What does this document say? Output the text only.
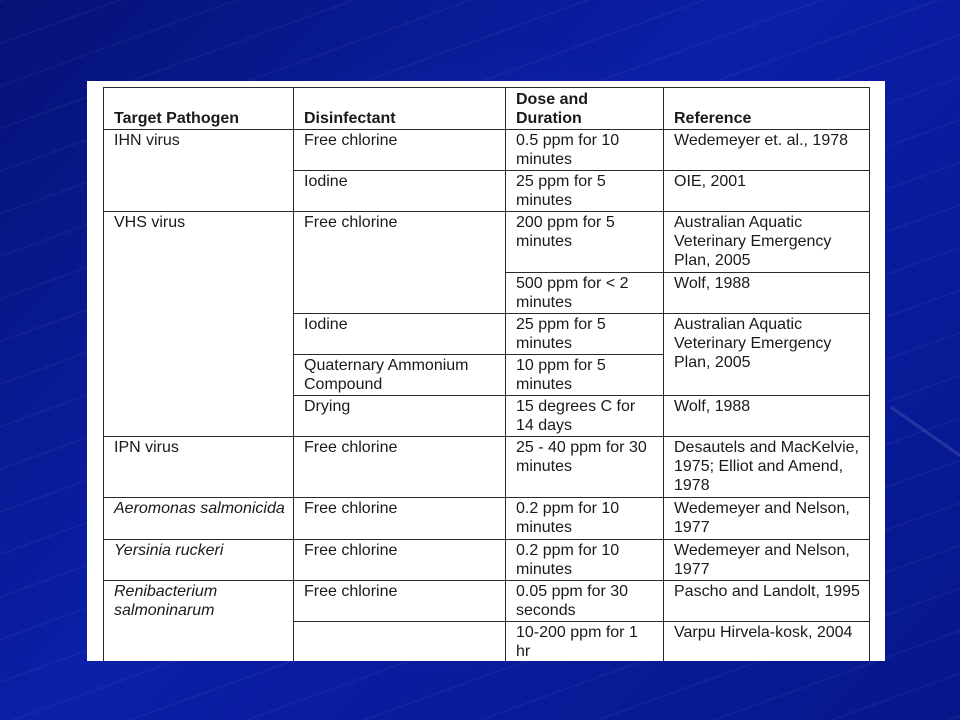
Target Pathogen	Disinfectant	Dose and Duration	Reference
IHN virus	Free chlorine	0.5 ppm for 10 minutes	Wedemeyer et. al., 1978
	Iodine	25 ppm for 5 minutes	OIE, 2001
VHS virus	Free chlorine	200 ppm for 5 minutes	Australian Aquatic Veterinary Emergency Plan, 2005
		500 ppm for < 2 minutes	Wolf, 1988
	Iodine	25 ppm for 5 minutes	Australian Aquatic Veterinary Emergency Plan, 2005
	Quaternary Ammonium Compound	10 ppm for 5 minutes	
	Drying	15 degrees C for 14 days	Wolf, 1988
IPN virus	Free chlorine	25 - 40 ppm for 30 minutes	Desautels and MacKelvie, 1975; Elliot and Amend, 1978
Aeromonas salmonicida	Free chlorine	0.2 ppm for 10 minutes	Wedemeyer and Nelson, 1977
Yersinia ruckeri	Free chlorine	0.2 ppm for 10 minutes	Wedemeyer and Nelson, 1977
Renibacterium salmoninarum	Free chlorine	0.05 ppm for 30 seconds	Pascho and Landolt, 1995
		10-200 ppm for 1 hr	Varpu Hirvela-kosk, 2004
